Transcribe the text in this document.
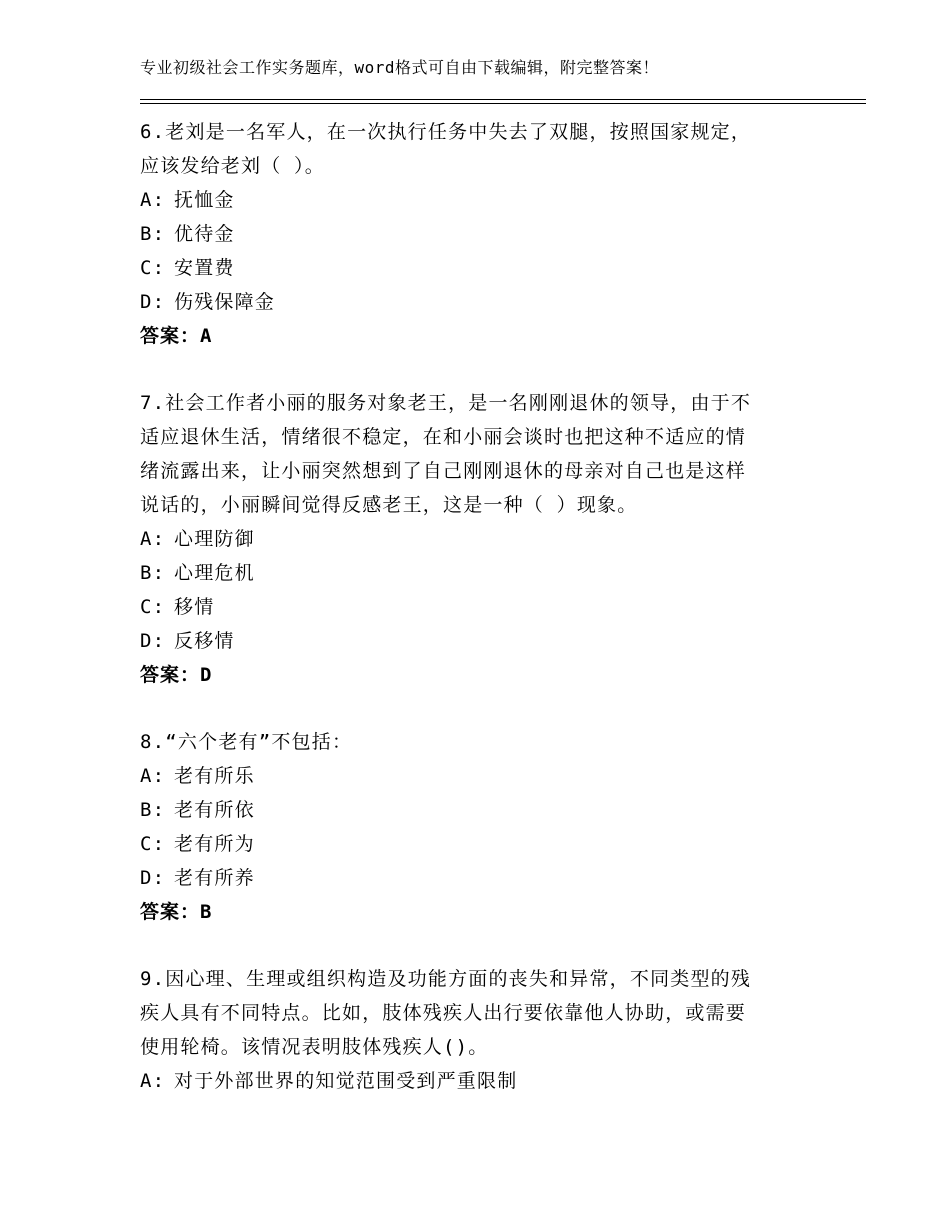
专业初级社会工作实务题库，word格式可自由下载编辑，附完整答案！
6.老刘是一名军人，在一次执行任务中失去了双腿，按照国家规定，
应该发给老刘（ ）。
A: 抚恤金
B: 优待金
C: 安置费
D: 伤残保障金
答案：A
7.社会工作者小丽的服务对象老王，是一名刚刚退休的领导，由于不
适应退休生活，情绪很不稳定，在和小丽会谈时也把这种不适应的情
绪流露出来，让小丽突然想到了自己刚刚退休的母亲对自己也是这样
说话的，小丽瞬间觉得反感老王，这是一种（ ）现象。
A: 心理防御
B: 心理危机
C: 移情
D: 反移情
答案：D
8.“六个老有”不包括：
A: 老有所乐
B: 老有所依
C: 老有所为
D: 老有所养
答案：B
9.因心理、生理或组织构造及功能方面的丧失和异常，不同类型的残
疾人具有不同特点。比如，肢体残疾人出行要依靠他人协助，或需要
使用轮椅。该情况表明肢体残疾人()。
A: 对于外部世界的知觉范围受到严重限制
